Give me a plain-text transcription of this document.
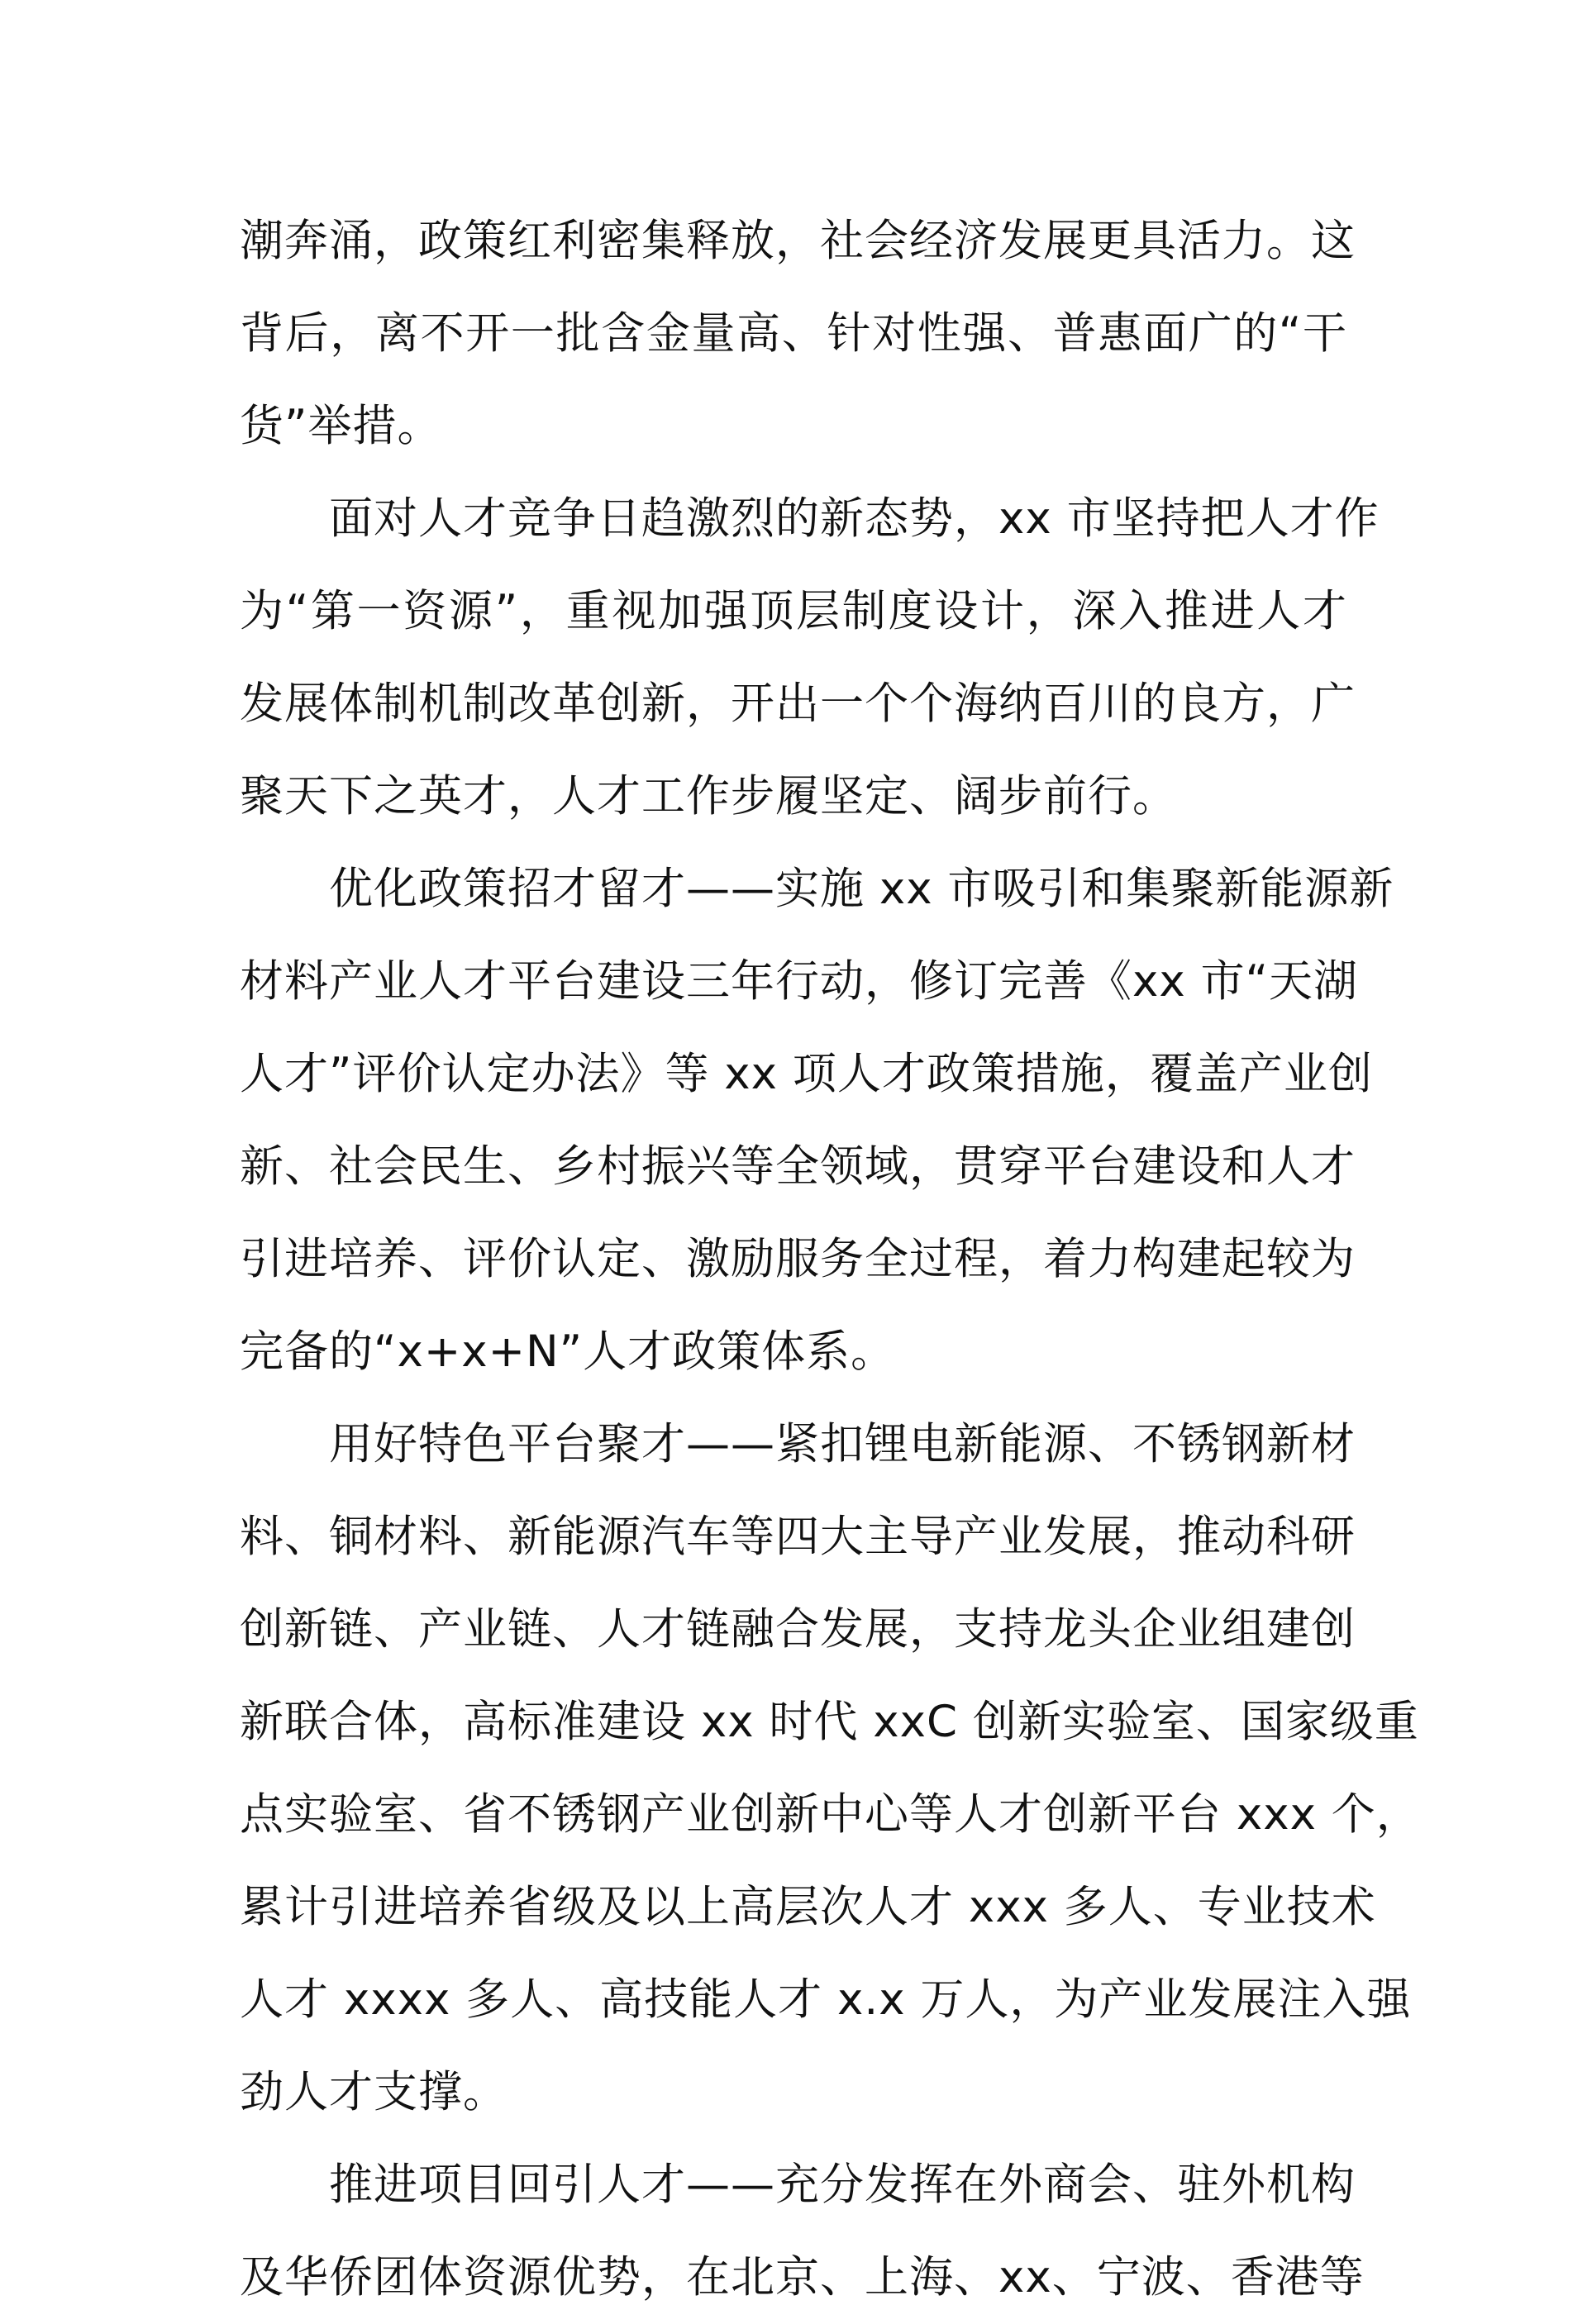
潮奔涌，政策红利密集释放，社会经济发展更具活力。这
背后，离不开一批含金量高、针对性强、普惠面广的“干
货”举措。
面对人才竞争日趋激烈的新态势，xx 市坚持把人才作
为“第一资源”，重视加强顶层制度设计，深入推进人才
发展体制机制改革创新，开出一个个海纳百川的良方，广
聚天下之英才，人才工作步履坚定、阔步前行。
优化政策招才留才——实施 xx 市吸引和集聚新能源新
材料产业人才平台建设三年行动，修订完善《xx 市“天湖
人才”评价认定办法》等 xx 项人才政策措施，覆盖产业创
新、社会民生、乡村振兴等全领域，贯穿平台建设和人才
引进培养、评价认定、激励服务全过程，着力构建起较为
完备的“x+x+N”人才政策体系。
用好特色平台聚才——紧扣锂电新能源、不锈钢新材
料、铜材料、新能源汽车等四大主导产业发展，推动科研
创新链、产业链、人才链融合发展，支持龙头企业组建创
新联合体，高标准建设 xx 时代 xxC 创新实验室、国家级重
点实验室、省不锈钢产业创新中心等人才创新平台 xxx 个，
累计引进培养省级及以上高层次人才 xxx 多人、专业技术
人才 xxxx 多人、高技能人才 x.x 万人，为产业发展注入强
劲人才支撑。
推进项目回引人才——充分发挥在外商会、驻外机构
及华侨团体资源优势，在北京、上海、xx、宁波、香港等
